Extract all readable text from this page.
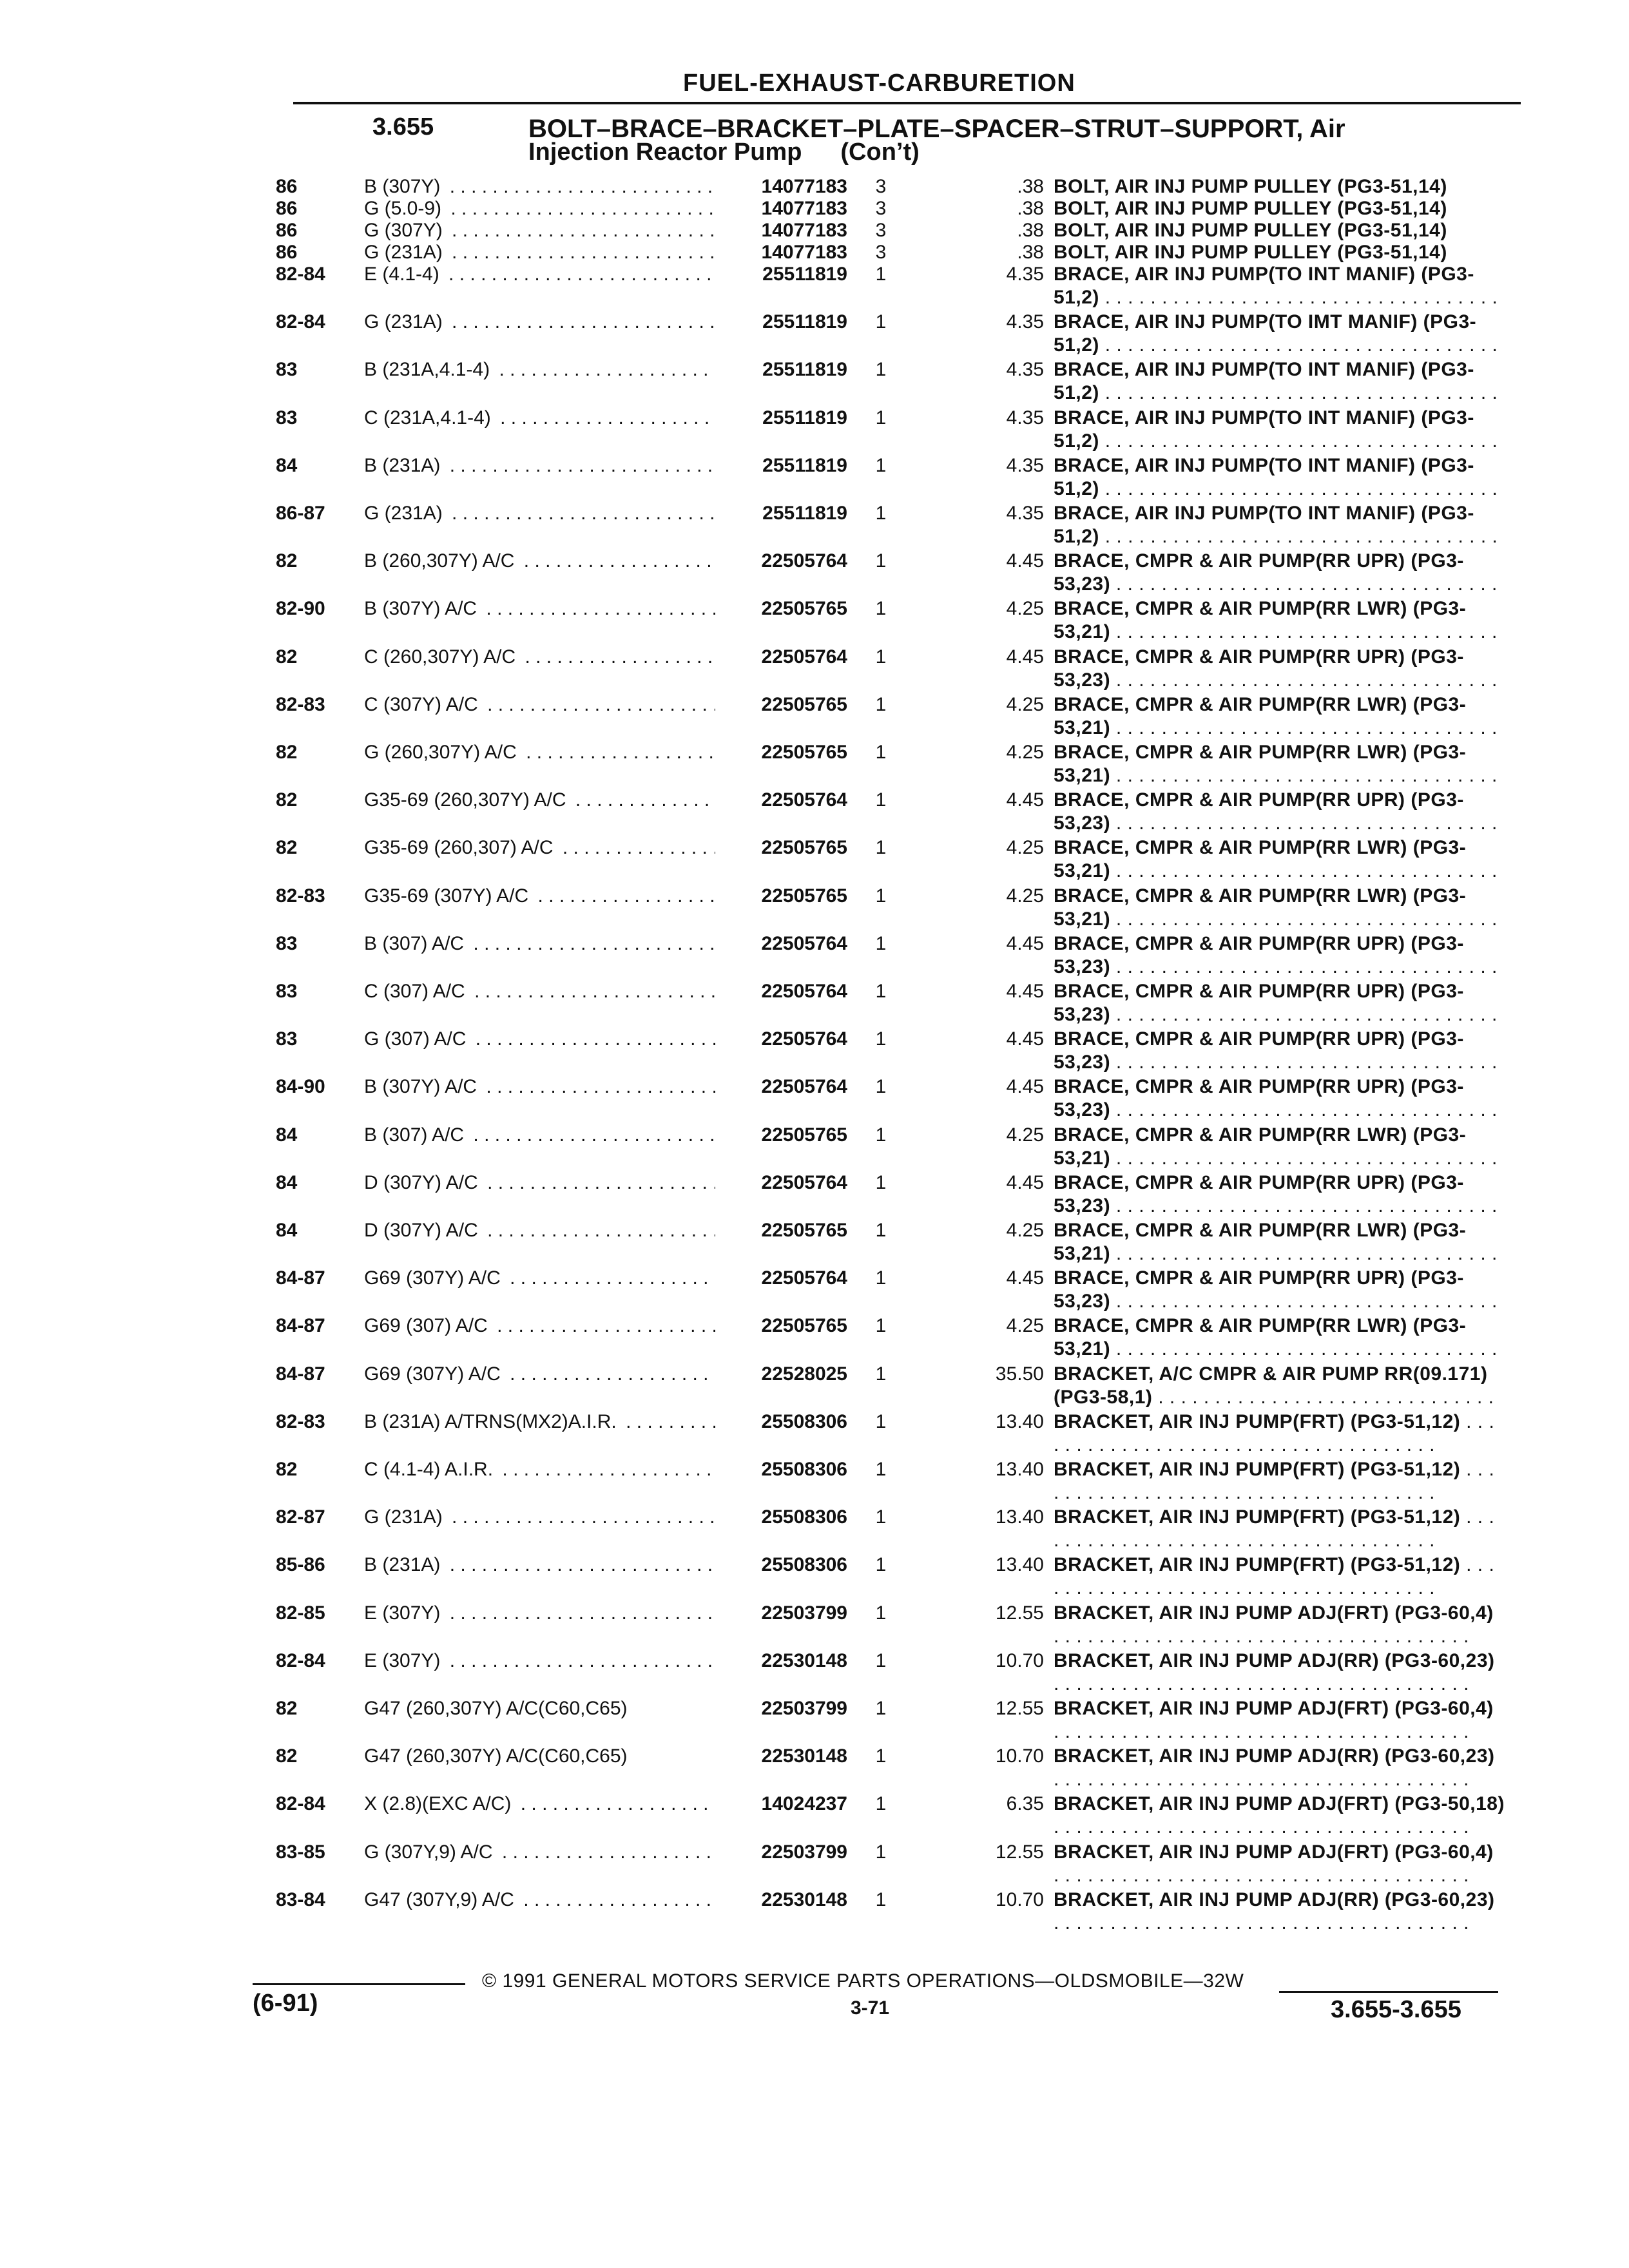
FUEL-EXHAUST-CARBURETION
3.655	BOLT–BRACE–BRACKET–PLATE–SPACER–STRUT–SUPPORT, Air
Injection Reactor Pump (Con’t)
86	B (307Y) . . .	14077183 3	.38 BOLT, AIR INJ PUMP PULLEY (PG3-51,14)
86	G (5.0-9) . . .	14077183 3	.38 BOLT, AIR INJ PUMP PULLEY (PG3-51,14)
86	G (307Y) . . .	14077183 3	.38 BOLT, AIR INJ PUMP PULLEY (PG3-51,14)
86	G (231A) . . .	14077183 3	.38 BOLT, AIR INJ PUMP PULLEY (PG3-51,14)
82-84	E (4.1-4) . . .	25511819 1	4.35 BRACE, AIR INJ PUMP(TO INT MANIF) (PG3-51,2) . . .
82-84	G (231A) . . .	25511819 1	4.35 BRACE, AIR INJ PUMP(TO IMT MANIF) (PG3-51,2) . . .
83	B (231A,4.1-4) . . .	25511819 1	4.35 BRACE, AIR INJ PUMP(TO INT MANIF) (PG3-51,2) . . .
83	C (231A,4.1-4) . . .	25511819 1	4.35 BRACE, AIR INJ PUMP(TO INT MANIF) (PG3-51,2) . . .
84	B (231A) . . .	25511819 1	4.35 BRACE, AIR INJ PUMP(TO INT MANIF) (PG3-51,2) . . .
86-87	G (231A) . . .	25511819 1	4.35 BRACE, AIR INJ PUMP(TO INT MANIF) (PG3-51,2) . . .
82	B (260,307Y) A/C . . .	22505764 1	4.45 BRACE, CMPR & AIR PUMP(RR UPR) (PG3-53,23) . . .
82-90	B (307Y) A/C . . .	22505765 1	4.25 BRACE, CMPR & AIR PUMP(RR LWR) (PG3-53,21) . . .
82	C (260,307Y) A/C . . .	22505764 1	4.45 BRACE, CMPR & AIR PUMP(RR UPR) (PG3-53,23) . . .
82-83	C (307Y) A/C . . .	22505765 1	4.25 BRACE, CMPR & AIR PUMP(RR LWR) (PG3-53,21) . . .
82	G (260,307Y) A/C . . .	22505765 1	4.25 BRACE, CMPR & AIR PUMP(RR LWR) (PG3-53,21) . . .
82	G35-69 (260,307Y) A/C . . .	22505764 1	4.45 BRACE, CMPR & AIR PUMP(RR UPR) (PG3-53,23) . . .
82	G35-69 (260,307) A/C . . .	22505765 1	4.25 BRACE, CMPR & AIR PUMP(RR LWR) (PG3-53,21) . . .
82-83	G35-69 (307Y) A/C . . .	22505765 1	4.25 BRACE, CMPR & AIR PUMP(RR LWR) (PG3-53,21) . . .
83	B (307) A/C . . .	22505764 1	4.45 BRACE, CMPR & AIR PUMP(RR UPR) (PG3-53,23) . . .
83	C (307) A/C . . .	22505764 1	4.45 BRACE, CMPR & AIR PUMP(RR UPR) (PG3-53,23) . . .
83	G (307) A/C . . .	22505764 1	4.45 BRACE, CMPR & AIR PUMP(RR UPR) (PG3-53,23) . . .
84-90	B (307Y) A/C . . .	22505764 1	4.45 BRACE, CMPR & AIR PUMP(RR UPR) (PG3-53,23) . . .
84	B (307) A/C . . .	22505765 1	4.25 BRACE, CMPR & AIR PUMP(RR LWR) (PG3-53,21) . . .
84	D (307Y) A/C . . .	22505764 1	4.45 BRACE, CMPR & AIR PUMP(RR UPR) (PG3-53,23) . . .
84	D (307Y) A/C . . .	22505765 1	4.25 BRACE, CMPR & AIR PUMP(RR LWR) (PG3-53,21) . . .
84-87	G69 (307Y) A/C . . .	22505764 1	4.45 BRACE, CMPR & AIR PUMP(RR UPR) (PG3-53,23) . . .
84-87	G69 (307) A/C . . .	22505765 1	4.25 BRACE, CMPR & AIR PUMP(RR LWR) (PG3-53,21) . . .
84-87	G69 (307Y) A/C . . .	22528025 1	35.50 BRACKET, A/C CMPR & AIR PUMP RR(09.171) (PG3-58,1) . . .
82-83	B (231A) A/TRNS(MX2)A.I.R. . . .	25508306 1	13.40 BRACKET, AIR INJ PUMP(FRT) (PG3-51,12) . . .
82	C (4.1-4) A.I.R. . . .	25508306 1	13.40 BRACKET, AIR INJ PUMP(FRT) (PG3-51,12) . . .
82-87	G (231A) . . .	25508306 1	13.40 BRACKET, AIR INJ PUMP(FRT) (PG3-51,12) . . .
85-86	B (231A) . . .	25508306 1	13.40 BRACKET, AIR INJ PUMP(FRT) (PG3-51,12) . . .
82-85	E (307Y) . . .	22503799 1	12.55 BRACKET, AIR INJ PUMP ADJ(FRT) (PG3-60,4) . . .
82-84	E (307Y) . . .	22530148 1	10.70 BRACKET, AIR INJ PUMP ADJ(RR) (PG3-60,23) . . .
82	G47 (260,307Y) A/C(C60,C65)	22503799 1	12.55 BRACKET, AIR INJ PUMP ADJ(FRT) (PG3-60,4) . . .
82	G47 (260,307Y) A/C(C60,C65)	22530148 1	10.70 BRACKET, AIR INJ PUMP ADJ(RR) (PG3-60,23) . . .
82-84	X (2.8)(EXC A/C) . . .	14024237 1	6.35 BRACKET, AIR INJ PUMP ADJ(FRT) (PG3-50,18) . . .
83-85	G (307Y,9) A/C . . .	22503799 1	12.55 BRACKET, AIR INJ PUMP ADJ(FRT) (PG3-60,4) . . .
83-84	G47 (307Y,9) A/C . . .	22530148 1	10.70 BRACKET, AIR INJ PUMP ADJ(RR) (PG3-60,23) . . .
© 1991 GENERAL MOTORS SERVICE PARTS OPERATIONS—OLDSMOBILE—32W
(6-91)	3-71	3.655-3.655
